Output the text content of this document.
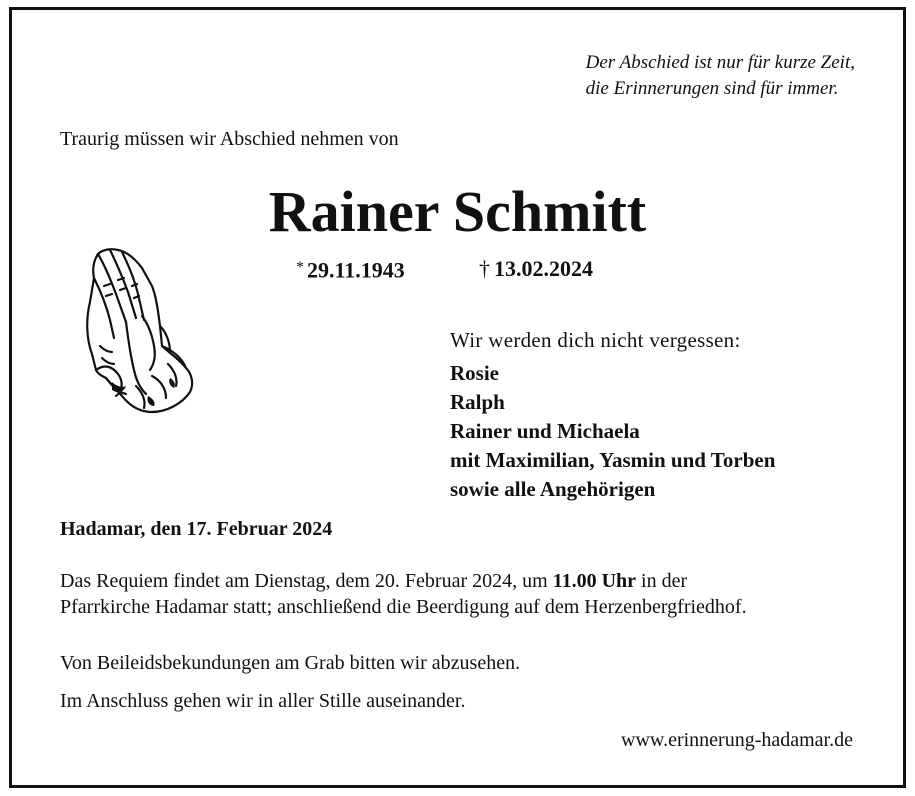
Der Abschied ist nur für kurze Zeit,
die Erinnerungen sind für immer.
Traurig müssen wir Abschied nehmen von
Rainer Schmitt
* 29.11.1943	† 13.02.2024
Wir werden dich nicht vergessen:
Rosie
Ralph
Rainer und Michaela
mit Maximilian, Yasmin und Torben
sowie alle Angehörigen
Hadamar, den 17. Februar 2024
Das Requiem findet am Dienstag, dem 20. Februar 2024, um 11.00 Uhr in der
Pfarrkirche Hadamar statt; anschließend die Beerdigung auf dem Herzenbergfriedhof.
Von Beileidsbekundungen am Grab bitten wir abzusehen.
Im Anschluss gehen wir in aller Stille auseinander.
www.erinnerung-hadamar.de
